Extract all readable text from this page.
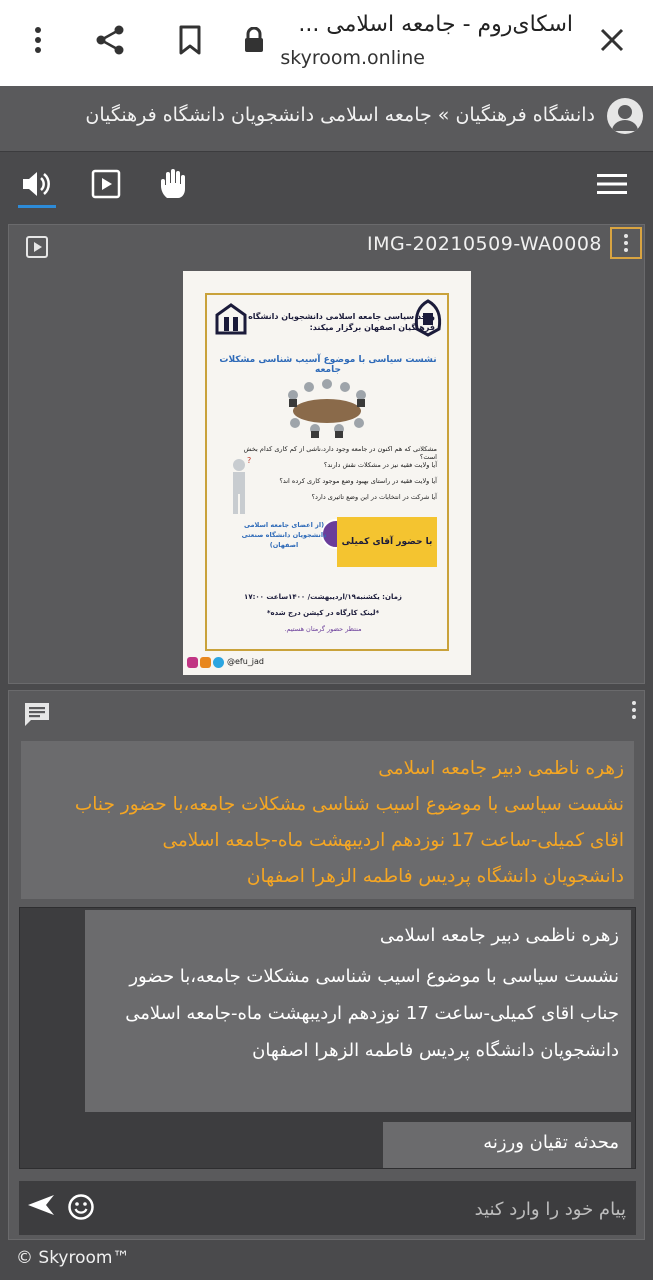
اسکای‌روم - جامعه اسلامی ...
skyroom.online
دانشگاه فرهنگیان » جامعه اسلامی دانشجویان دانشگاه فرهنگیان
IMG-20210509-WA0008
واحد سیاسی جامعه اسلامی دانشجویان دانشگاه فرهنگیان اصفهان برگزار میکند:
نشست سیاسی با موضوع آسیب شناسی مشکلات جامعه
مشکلاتی که هم اکنون در جامعه وجود دارد،ناشی از کم کاری کدام بخش است؟
آیا ولایت فقیه نیز در مشکلات نقش دارند؟
آیا ولایت فقیه در راستای بهبود وضع موجود کاری کرده اند؟
آیا شرکت در انتخابات در این وضع تاثیری دارد؟
?
با حضور آقای کمیلی
(از اعضای جامعه اسلامی دانشجویان دانشگاه صنعتی اصفهان)
زمان: یکشنبه۱۹/اردیبهشت/ ۱۴۰۰ساعت ۱۷:۰۰
*لینک کارگاه در کپشن درج شده*
منتظر حضور گرمتان هستیم.
@efu_jad
زهره ناظمی دبیر جامعه اسلامی
نشست سیاسی با موضوع اسیب شناسی مشکلات جامعه،با حضور جناب
اقای کمیلی-ساعت 17 نوزدهم اردیبهشت ماه-جامعه اسلامی
دانشجویان دانشگاه پردیس فاطمه الزهرا اصفهان
زهره ناظمی دبیر جامعه اسلامی
نشست سیاسی با موضوع اسیب شناسی مشکلات جامعه،با حضور جناب اقای کمیلی-ساعت 17 نوزدهم اردیبهشت ماه-جامعه اسلامی دانشجویان دانشگاه پردیس فاطمه الزهرا اصفهان
محدثه تقیان ورزنه
پیام خود را وارد کنید
© Skyroom™
